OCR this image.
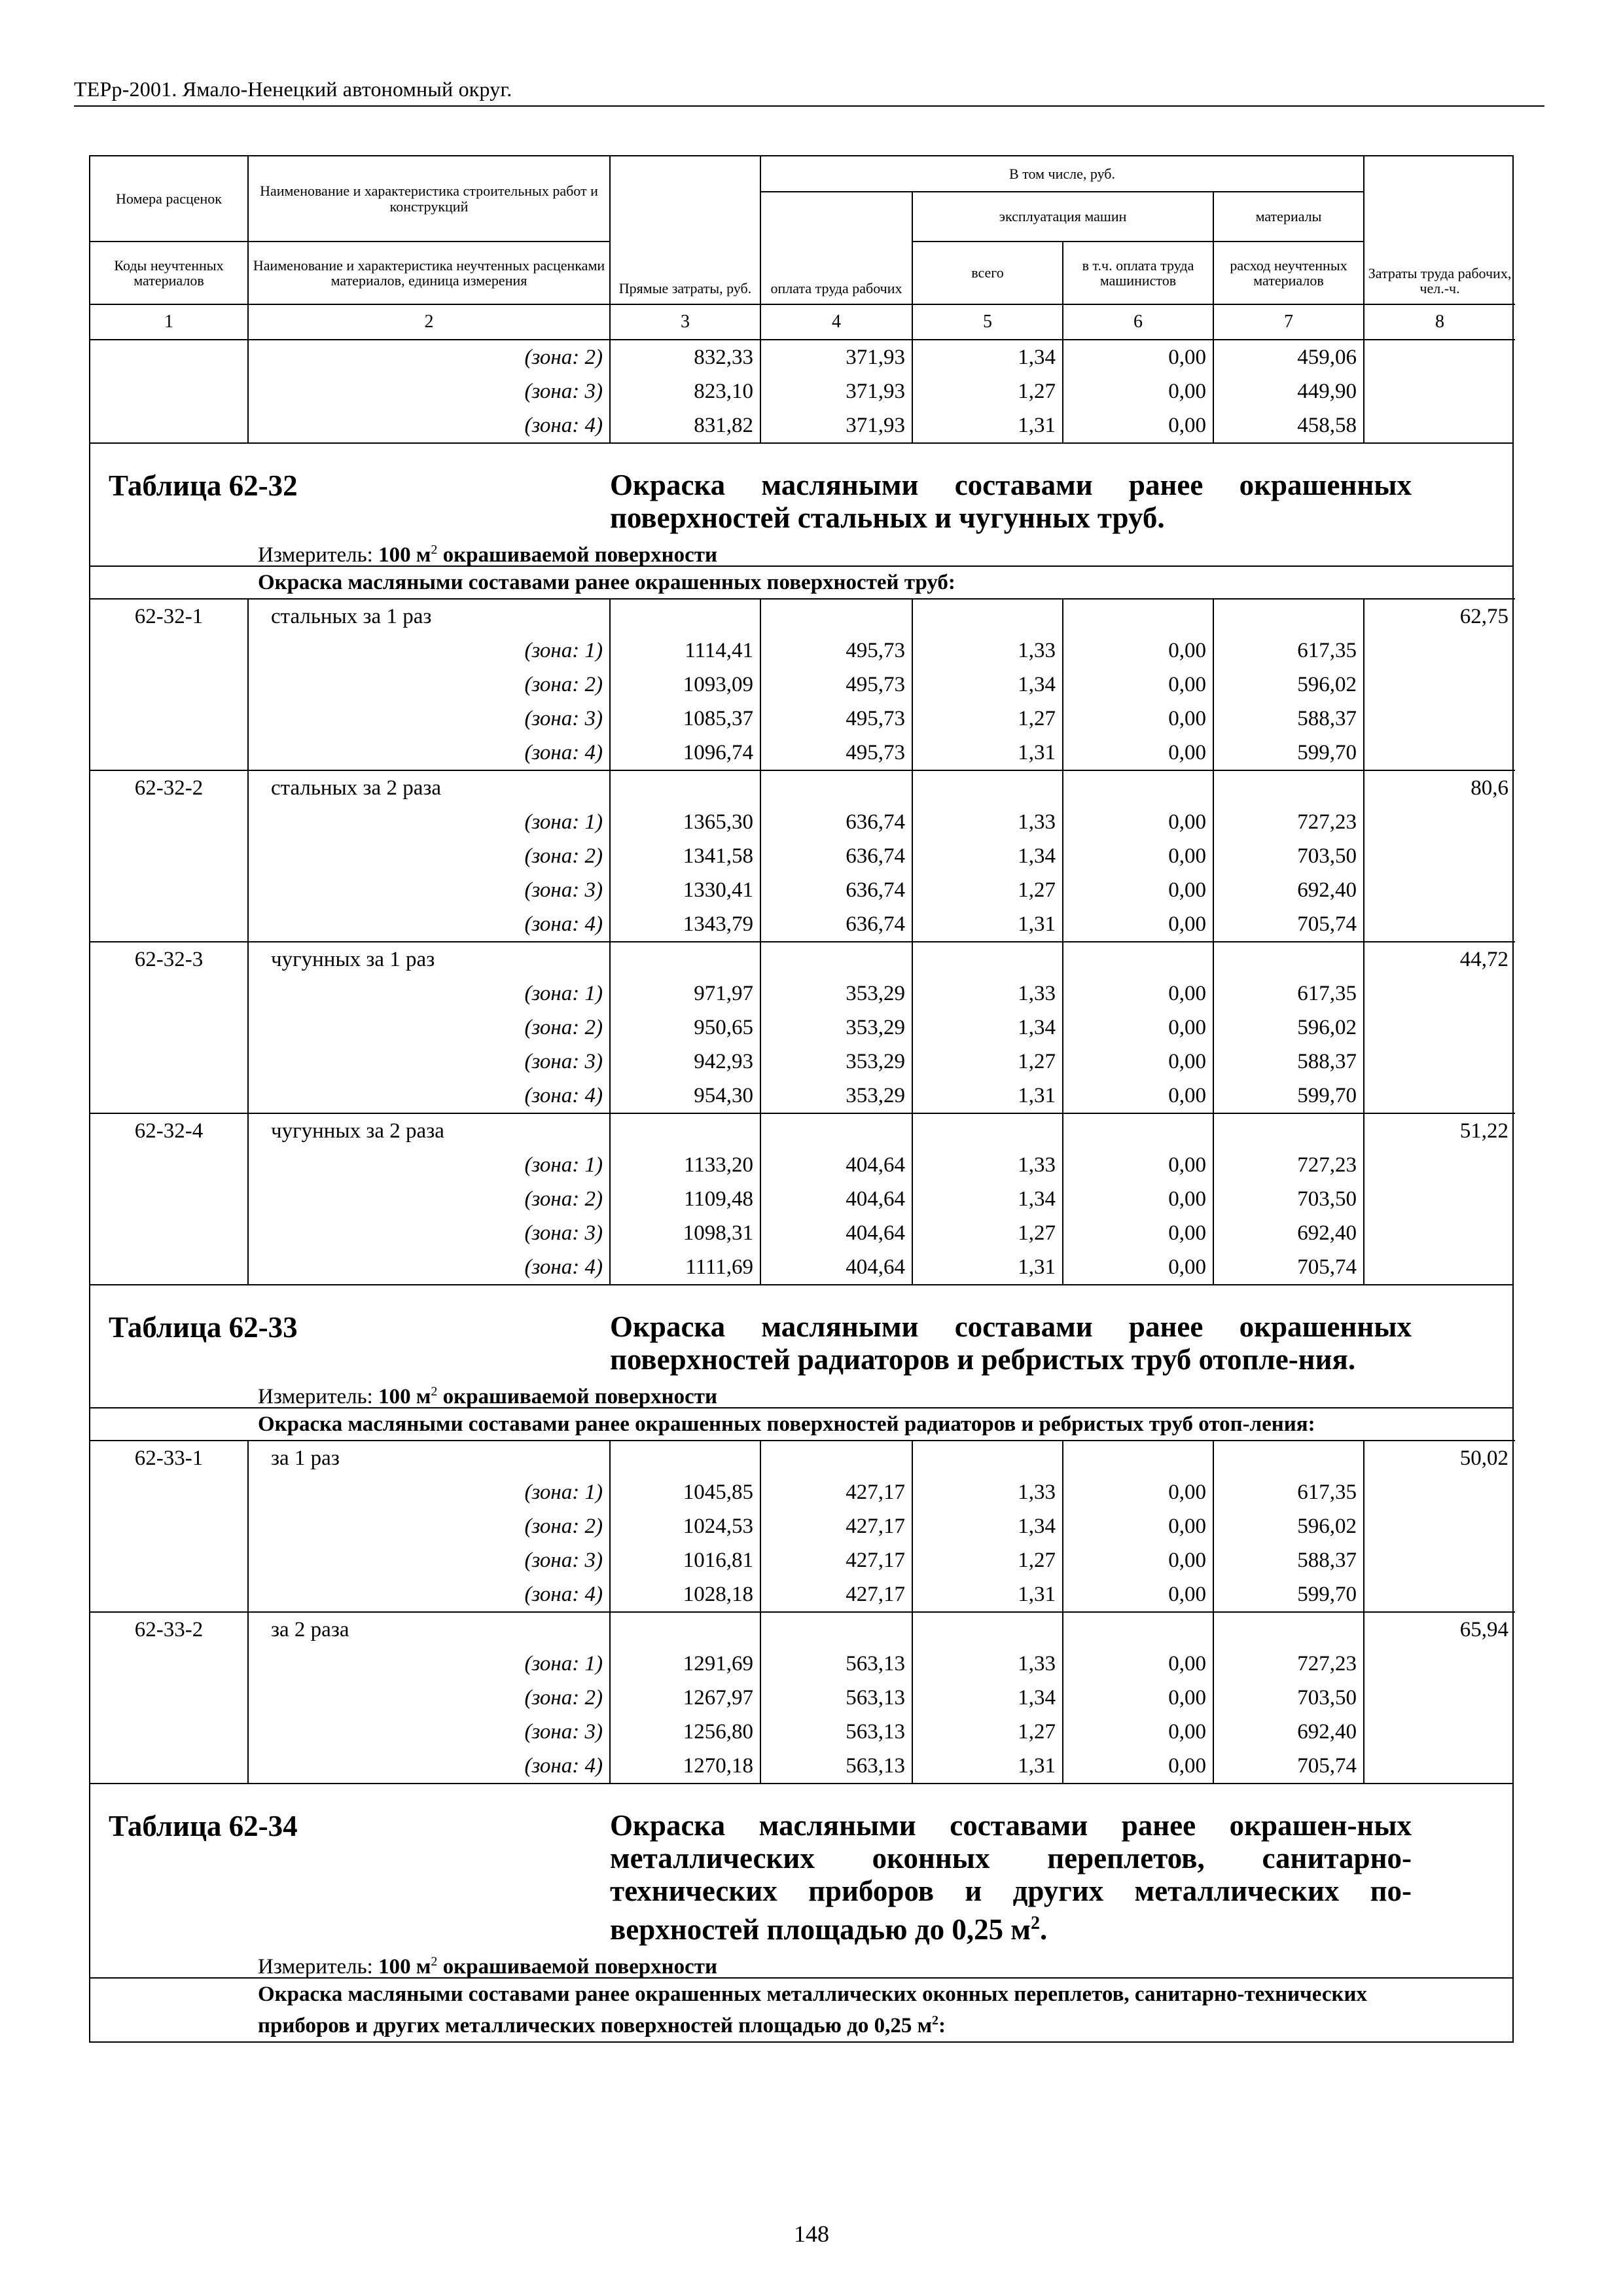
ТЕРр-2001. Ямало-Ненецкий автономный округ.
Номера расценок	Наименование и характеристика строительных работ и конструкций	Прямые затраты, руб.	В том числе, руб.				Затраты труда рабочих, чел.-ч.
			оплата труда рабочих	эксплуатация машин		материалы	
Коды неучтенных материалов	Наименование и характеристика неучтенных расценками материалов, единица измерения			всего	в т.ч. оплата труда машинистов	расход неучтенных материалов	
1	2	3	4	5	6	7	8
	(зона: 2)	832,33	371,93	1,34	0,00	459,06	
	(зона: 3)	823,10	371,93	1,27	0,00	449,90	
	(зона: 4)	831,82	371,93	1,31	0,00	458,58	
Таблица 62-32	Окраска масляными составами ранее окрашенных поверхностей стальных и чугунных труб.
Измеритель: 100 $м^2$ окрашиваемой поверхности
Окраска масляными составами ранее окрашенных поверхностей труб:
62-32-1	стальных за 1 раз						62,75
	(зона: 1)	1114,41	495,73	1,33	0,00	617,35	
	(зона: 2)	1093,09	495,73	1,34	0,00	596,02	
	(зона: 3)	1085,37	495,73	1,27	0,00	588,37	
	(зона: 4)	1096,74	495,73	1,31	0,00	599,70	
62-32-2	стальных за 2 раза						80,6
	(зона: 1)	1365,30	636,74	1,33	0,00	727,23	
	(зона: 2)	1341,58	636,74	1,34	0,00	703,50	
	(зона: 3)	1330,41	636,74	1,27	0,00	692,40	
	(зона: 4)	1343,79	636,74	1,31	0,00	705,74	
62-32-3	чугунных за 1 раз						44,72
	(зона: 1)	971,97	353,29	1,33	0,00	617,35	
	(зона: 2)	950,65	353,29	1,34	0,00	596,02	
	(зона: 3)	942,93	353,29	1,27	0,00	588,37	
	(зона: 4)	954,30	353,29	1,31	0,00	599,70	
62-32-4	чугунных за 2 раза						51,22
	(зона: 1)	1133,20	404,64	1,33	0,00	727,23	
	(зона: 2)	1109,48	404,64	1,34	0,00	703,50	
	(зона: 3)	1098,31	404,64	1,27	0,00	692,40	
	(зона: 4)	1111,69	404,64	1,31	0,00	705,74	
Таблица 62-33	Окраска масляными составами ранее окрашенных поверхностей радиаторов и ребристых труб отопле-ния.
Измеритель: 100 $м^2$ окрашиваемой поверхности
Окраска масляными составами ранее окрашенных поверхностей радиаторов и ребристых труб отоп-ления:
62-33-1	за 1 раз						50,02
	(зона: 1)	1045,85	427,17	1,33	0,00	617,35	
	(зона: 2)	1024,53	427,17	1,34	0,00	596,02	
	(зона: 3)	1016,81	427,17	1,27	0,00	588,37	
	(зона: 4)	1028,18	427,17	1,31	0,00	599,70	
62-33-2	за 2 раза						65,94
	(зона: 1)	1291,69	563,13	1,33	0,00	727,23	
	(зона: 2)	1267,97	563,13	1,34	0,00	703,50	
	(зона: 3)	1256,80	563,13	1,27	0,00	692,40	
	(зона: 4)	1270,18	563,13	1,31	0,00	705,74	
Таблица 62-34	Окраска масляными составами ранее окрашен-ных металлических оконных переплетов, санитарно-технических приборов и других металлических по-верхностей площадью до 0,25 $м^2$.
Измеритель: 100 $м^2$ окрашиваемой поверхности
Окраска масляными составами ранее окрашенных металлических оконных переплетов, санитарно-технических приборов и других металлических поверхностей площадью до 0,25 $м^2$:
148
